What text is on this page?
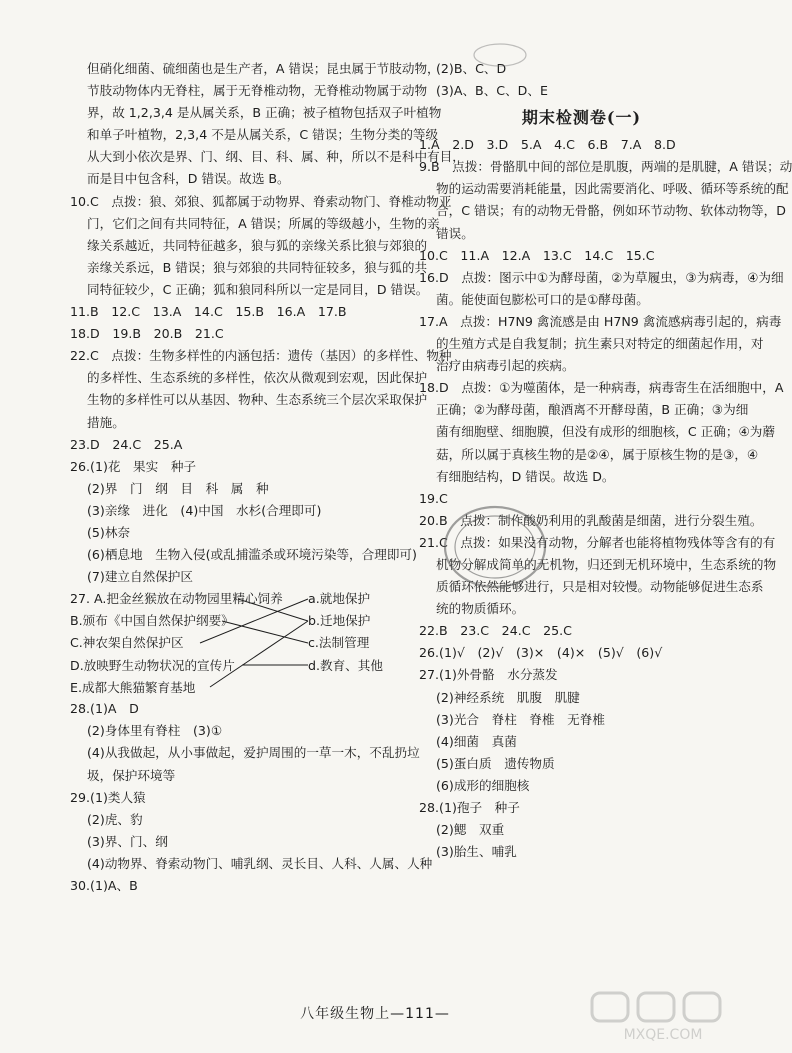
但硝化细菌、硫细菌也是生产者，A 错误；昆虫属于节肢动物，
节肢动物体内无脊柱，属于无脊椎动物，无脊椎动物属于动物
界，故 1,2,3,4 是从属关系，B 正确；被子植物包括双子叶植物
和单子叶植物，2,3,4 不是从属关系，C 错误；生物分类的等级
从大到小依次是界、门、纲、目、科、属、种，所以不是科中有目，
而是目中包含科，D 错误。故选 B。
10.C　点拨：狼、郊狼、狐都属于动物界、脊索动物门、脊椎动物亚
门，它们之间有共同特征，A 错误；所属的等级越小，生物的亲
缘关系越近，共同特征越多，狼与狐的亲缘关系比狼与郊狼的
亲缘关系远，B 错误；狼与郊狼的共同特征较多，狼与狐的共
同特征较少，C 正确；狐和狼同科所以一定是同目，D 错误。
11.B　12.C　13.A　14.C　15.B　16.A　17.B
18.D　19.B　20.B　21.C
22.C　点拨：生物多样性的内涵包括：遗传（基因）的多样性、物种
的多样性、生态系统的多样性，依次从微观到宏观，因此保护
生物的多样性可以从基因、物种、生态系统三个层次采取保护
措施。
23.D　24.C　25.A
26.(1)花　果实　种子
(2)界　门　纲　目　科　属　种
(3)亲缘　进化　(4)中国　水杉(合理即可)
(5)林奈
(6)栖息地　生物入侵(或乱捕滥杀或环境污染等，合理即可)
(7)建立自然保护区
27. A.把金丝猴放在动物园里精心饲养
B.颁布《中国自然保护纲要》
C.神农架自然保护区
D.放映野生动物状况的宣传片
E.成都大熊猫繁育基地
a.就地保护
b.迁地保护
c.法制管理
d.教育、其他
28.(1)A　D
(2)身体里有脊柱　(3)①
(4)从我做起，从小事做起，爱护周围的一草一木，不乱扔垃
圾，保护环境等
29.(1)类人猿
(2)虎、豹
(3)界、门、纲
(4)动物界、脊索动物门、哺乳纲、灵长目、人科、人属、人种
30.(1)A、B
(2)B、C、D
(3)A、B、C、D、E
期末检测卷(一)
1.A　2.D　3.D　5.A　4.C　6.B　7.A　8.D
9.B　点拨：骨骼肌中间的部位是肌腹，两端的是肌腱，A 错误；动
物的运动需要消耗能量，因此需要消化、呼吸、循环等系统的配
合，C 错误；有的动物无骨骼，例如环节动物、软体动物等，D
错误。
10.C　11.A　12.A　13.C　14.C　15.C
16.D　点拨：图示中①为酵母菌，②为草履虫，③为病毒，④为细
菌。能使面包膨松可口的是①酵母菌。
17.A　点拨：H7N9 禽流感是由 H7N9 禽流感病毒引起的，病毒
的生殖方式是自我复制；抗生素只对特定的细菌起作用，对
治疗由病毒引起的疾病。
18.D　点拨：①为噬菌体，是一种病毒，病毒寄生在活细胞中，A
正确；②为酵母菌，酿酒离不开酵母菌，B 正确；③为细
菌有细胞壁、细胞膜，但没有成形的细胞核，C 正确；④为蘑
菇，所以属于真核生物的是②④，属于原核生物的是③，④
有细胞结构，D 错误。故选 D。
19.C
20.B　点拨：制作酸奶利用的乳酸菌是细菌，进行分裂生殖。
21.C　点拨：如果没有动物，分解者也能将植物残体等含有的有
机物分解成简单的无机物，归还到无机环境中，生态系统的物
质循环依然能够进行，只是相对较慢。动物能够促进生态系
统的物质循环。
22.B　23.C　24.C　25.C
26.(1)√　(2)√　(3)×　(4)×　(5)√　(6)√
27.(1)外骨骼　水分蒸发
(2)神经系统　肌腹　肌腱
(3)光合　脊柱　脊椎　无脊椎
(4)细菌　真菌
(5)蛋白质　遗传物质
(6)成形的细胞核
28.(1)孢子　种子
(2)鳃　双重
(3)胎生、哺乳
八年级生物上—111—
MXQE.COM
